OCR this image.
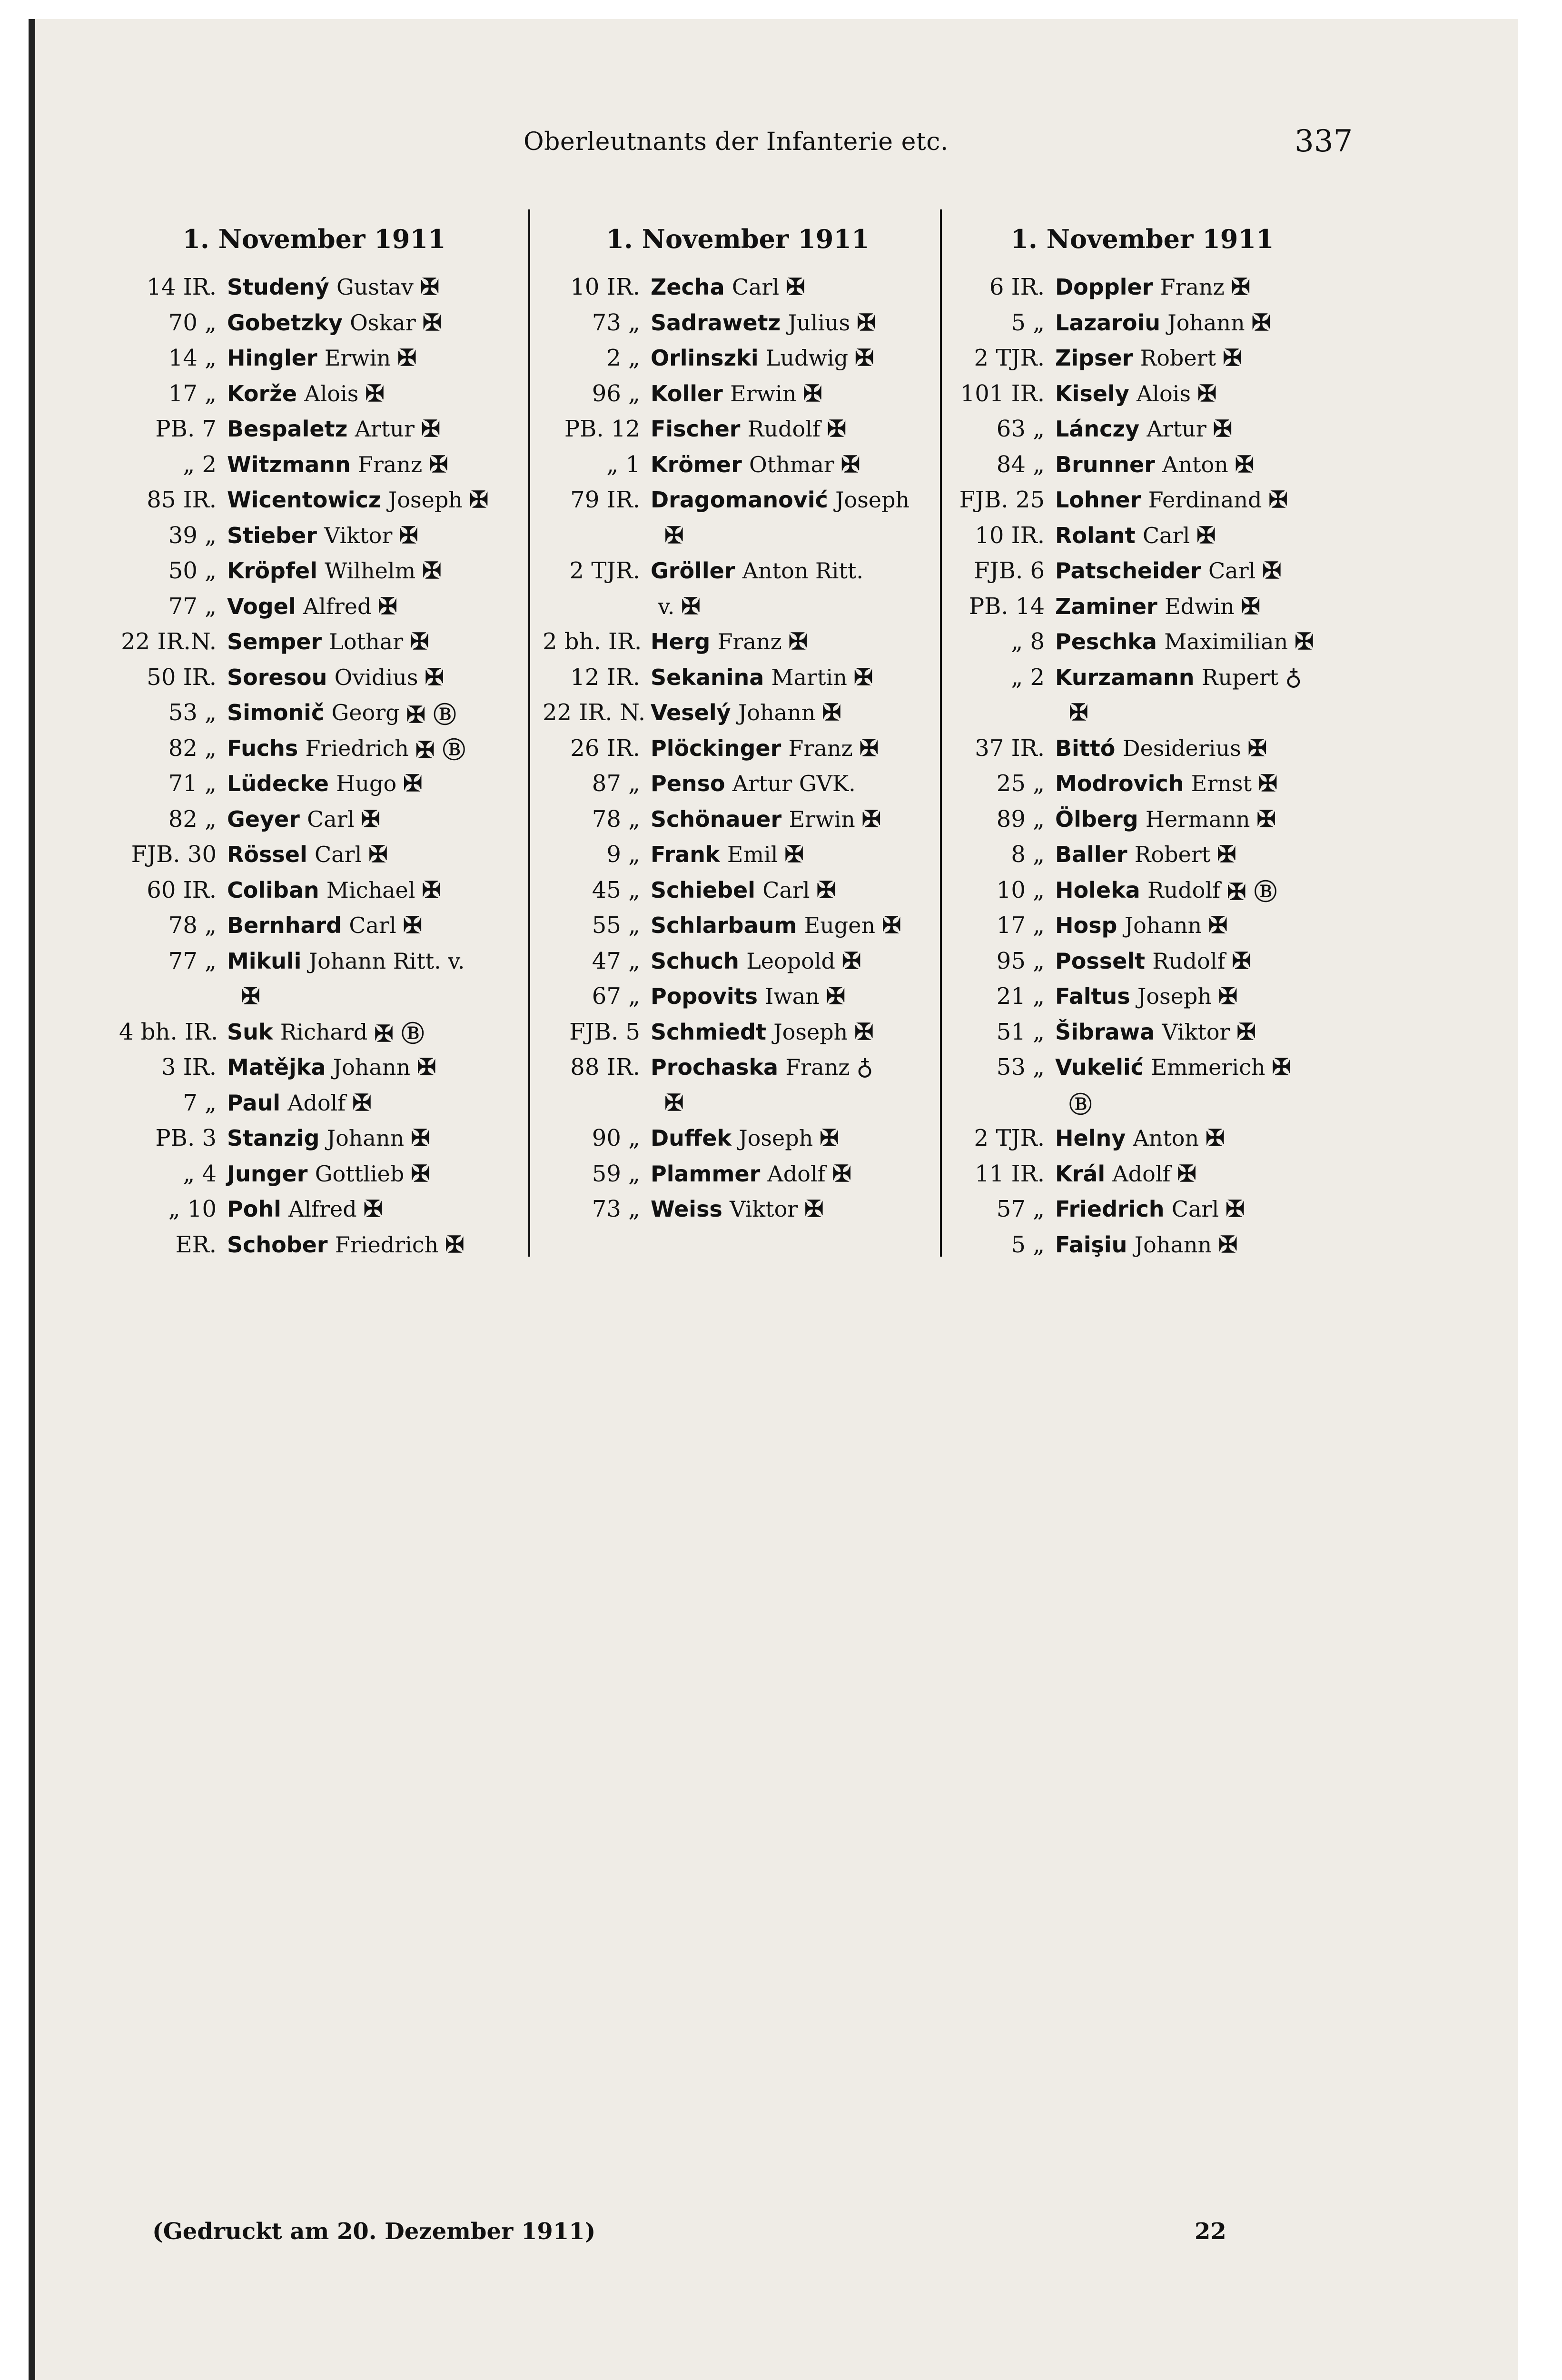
Oberleutnants der Infanterie etc.	337
1. November 1911
14 IR. Studený
Gustav ✠
70 „ Gobetzky
Oskar ✠
14 „ Hingler
Erwin ✠
17 „ Korže
Alois ✠
PB. 7 Bespaletz
Artur ✠
„ 2 Witzmann
Franz ✠
85 IR. Wicentowicz
Joseph ✠
39 „ Stieber
Viktor ✠
50 „ Kröpfel
Wilhelm ✠
77 „ Vogel
Alfred ✠
22 IR.N. Semper
Lothar ✠
50 IR. Soresou
Ovidius ✠
53 „ Simonič
Georg ✠ Ⓑ
82 „ Fuchs
Friedrich ✠ Ⓑ
71 „ Lüdecke
Hugo ✠
82 „ Geyer
Carl ✠
FJB. 30 Rössel
Carl ✠
60 IR. Coliban
Michael ✠
78 „ Bernhard
Carl ✠
77 „ Mikuli
Johann Ritt. v.

✠
4 bh. IR. Suk
Richard ✠ Ⓑ
3 IR. Matějka
Johann ✠
7 „ Paul
Adolf ✠
PB. 3 Stanzig
Johann ✠
„ 4 Junger
Gottlieb ✠
„ 10 Pohl
Alfred ✠
ER. Schober
Friedrich ✠
1. November 1911
10 IR. Zecha
Carl ✠
73 „ Sadrawetz
Julius ✠
2 „ Orlinszki
Ludwig ✠
96 „ Koller
Erwin ✠
PB. 12 Fischer
Rudolf ✠
„ 1 Krömer
Othmar ✠
79 IR. Dragomanović
Joseph

✠
2 TJR. Gröller
Anton Ritt.

v. ✠
2 bh. IR. Herg
Franz ✠
12 IR. Sekanina
Martin ✠
22 IR. N. Veselý
Johann ✠
26 IR. Plöckinger
Franz ✠
87 „ Penso
Artur GVK.
78 „ Schönauer
Erwin ✠
9 „ Frank
Emil ✠
45 „ Schiebel
Carl ✠
55 „ Schlarbaum
Eugen ✠
47 „ Schuch
Leopold ✠
67 „ Popovits
Iwan ✠
FJB. 5 Schmiedt
Joseph ✠
88 IR. Prochaska
Franz ♁

✠
90 „ Duffek
Joseph ✠
59 „ Plammer
Adolf ✠
73 „ Weiss
Viktor ✠
1. November 1911
6 IR. Doppler
Franz ✠
5 „ Lazaroiu
Johann ✠
2 TJR. Zipser
Robert ✠
101 IR. Kisely
Alois ✠
63 „ Lánczy
Artur ✠
84 „ Brunner
Anton ✠
FJB. 25 Lohner
Ferdinand ✠
10 IR. Rolant
Carl ✠
FJB. 6 Patscheider
Carl ✠
PB. 14 Zaminer
Edwin ✠
„ 8 Peschka
Maximilian ✠
„ 2 Kurzamann
Rupert ♁

✠
37 IR. Bittó
Desiderius ✠
25 „ Modrovich
Ernst ✠
89 „ Ölberg
Hermann ✠
8 „ Baller
Robert ✠
10 „ Holeka
Rudolf ✠ Ⓑ
17 „ Hosp
Johann ✠
95 „ Posselt
Rudolf ✠
21 „ Faltus
Joseph ✠
51 „ Šibrawa
Viktor ✠
53 „ Vukelić
Emmerich ✠

Ⓑ
2 TJR. Helny
Anton ✠
11 IR. Král
Adolf ✠
57 „ Friedrich
Carl ✠
5 „ Faişiu
Johann ✠
(Gedruckt am 20. Dezember 1911)	22
